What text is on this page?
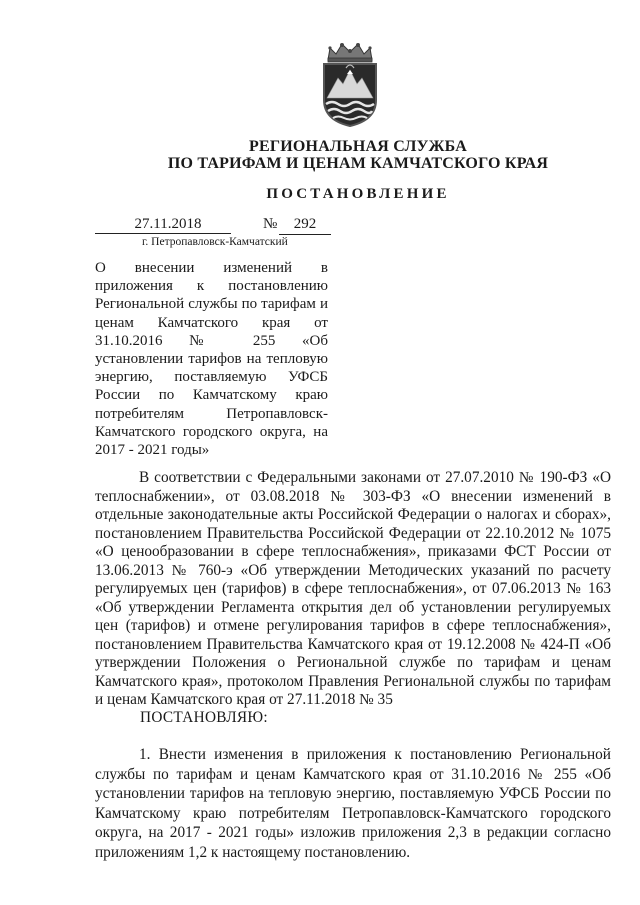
РЕГИОНАЛЬНАЯ СЛУЖБА
ПО ТАРИФАМ И ЦЕНАМ КАМЧАТСКОГО КРАЯ
ПОСТАНОВЛЕНИЕ
27.11.2018	№	292
г. Петропавловск-Камчатский

О внесении изменений в приложения к постановлению Региональной службы по тарифам и ценам Камчатского края от 31.10.2016 № 255 «Об установлении тарифов на тепловую энергию, поставляемую УФСБ России по Камчатскому краю потребителям Петропавловск-Камчатского городского округа, на 2017 - 2021 годы»

В соответствии с Федеральными законами от 27.07.2010 № 190-ФЗ «О теплоснабжении», от 03.08.2018 № 303-ФЗ «О внесении изменений в отдельные законодательные акты Российской Федерации о налогах и сборах», постановлением Правительства Российской Федерации от 22.10.2012 № 1075 «О ценообразовании в сфере теплоснабжения», приказами ФСТ России от 13.06.2013 № 760-э «Об утверждении Методических указаний по расчету регулируемых цен (тарифов) в сфере теплоснабжения», от 07.06.2013 № 163 «Об утверждении Регламента открытия дел об установлении регулируемых цен (тарифов) и отмене регулирования тарифов в сфере теплоснабжения», постановлением Правительства Камчатского края от 19.12.2008 № 424-П «Об утверждении Положения о Региональной службе по тарифам и ценам Камчатского края», протоколом Правления Региональной службы по тарифам и ценам Камчатского края от 27.11.2018 № 35

ПОСТАНОВЛЯЮ:

1. Внести изменения в приложения к постановлению Региональной службы по тарифам и ценам Камчатского края от 31.10.2016 № 255 «Об установлении тарифов на тепловую энергию, поставляемую УФСБ России по Камчатскому краю потребителям Петропавловск-Камчатского городского округа, на 2017 - 2021 годы» изложив приложения 2,3 в редакции согласно приложениям 1,2 к настоящему постановлению.
